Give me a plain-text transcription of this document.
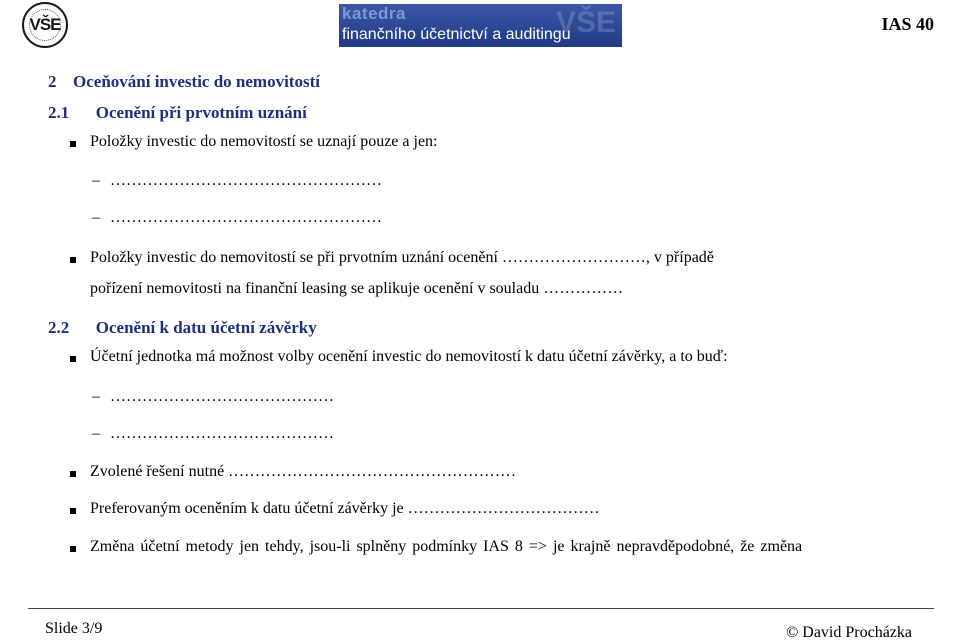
VŠE	VŠE
katedra
finančního účetnictví a auditingu
IAS 40
2 Oceňování investic do nemovitostí
2.1 Ocenění při prvotním uznání
Položky investic do nemovitostí se uznají pouze a jen:
– ……………………………………………
– ……………………………………………
Položky investic do nemovitostí se při prvotním uznání ocenění ………………………, v případě
pořízení nemovitosti na finanční leasing se aplikuje ocenění v souladu ……………
2.2 Ocenění k datu účetní závěrky
Účetní jednotka má možnost volby ocenění investic do nemovitostí k datu účetní závěrky, a to buď:
– ……………………………………
– ……………………………………
Zvolené řešení nutné ………………………………………………
Preferovaným oceněním k datu účetní závěrky je ………………………………
Změna účetní metody jen tehdy, jsou-li splněny podmínky IAS 8 => je krajně nepravděpodobné, že změna
Slide 3/9	© David Procházka
